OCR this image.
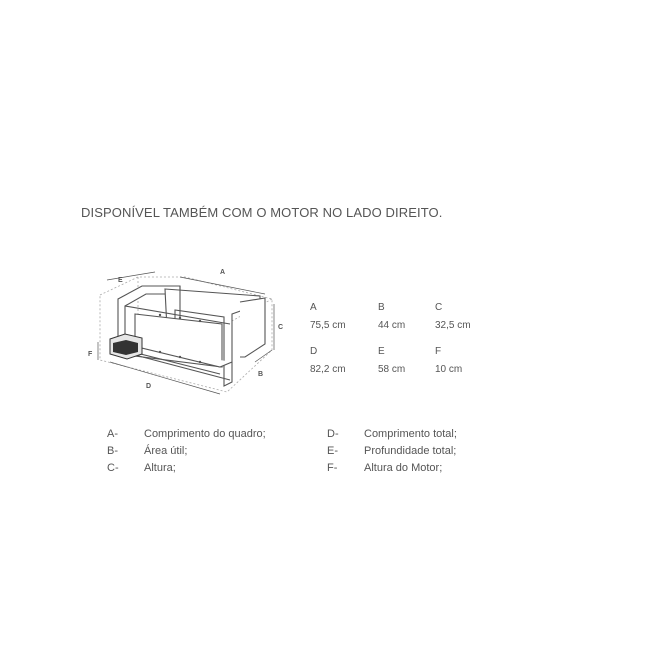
DISPONÍVEL TAMBÉM COM O MOTOR NO LADO DIREITO.
A
E
C
B
D
F
A
75,5 cm
B
44 cm
C
32,5 cm
D
82,2 cm
E
58 cm
F
10 cm
A- Comprimento do quadro;
B- Área útil;
C- Altura;
D- Comprimento total;
E- Profundidade total;
F- Altura do Motor;
